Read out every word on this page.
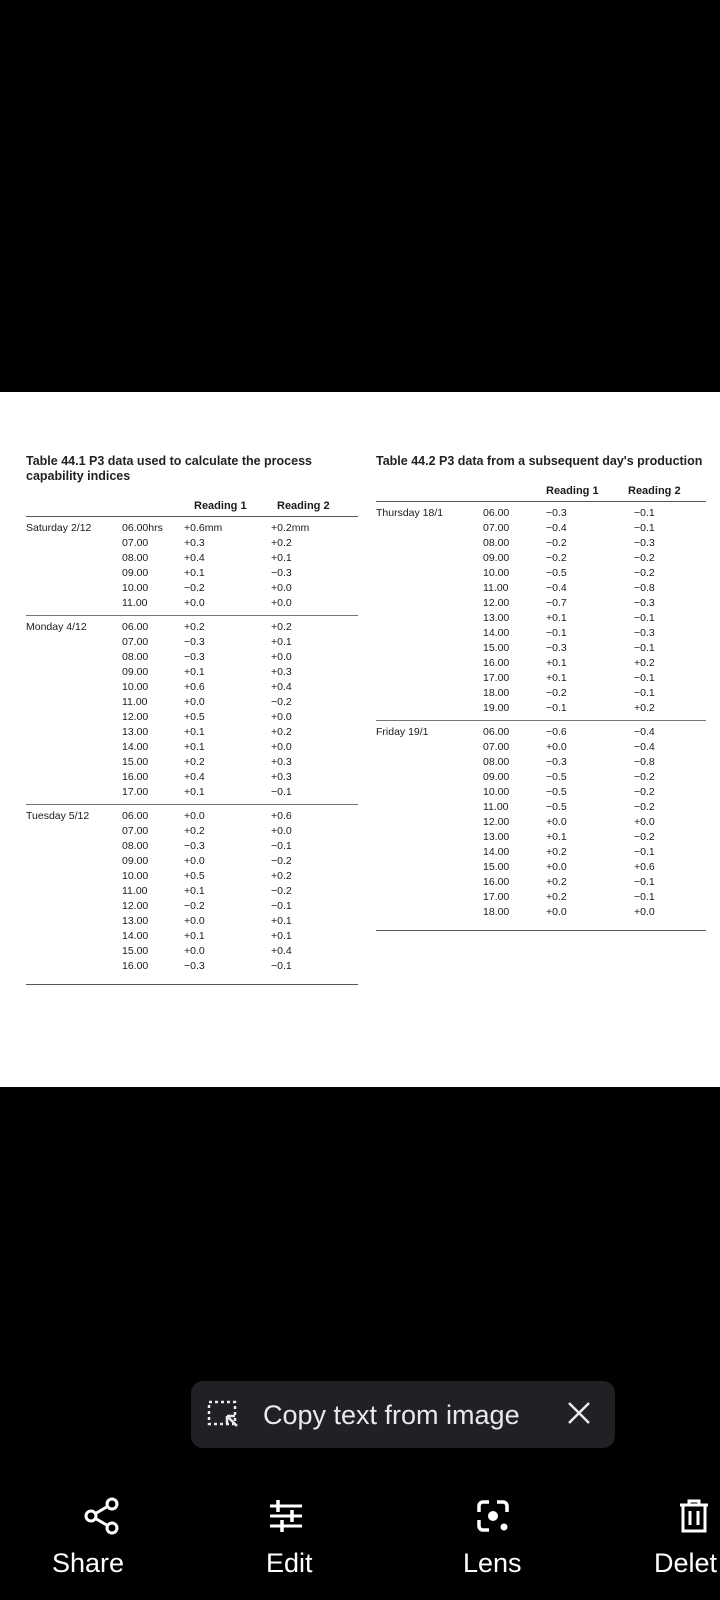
Table 44.1 P3 data used to calculate the process capability indices
Reading 1	Reading 2
Saturday 2/12	06.00hrs +0.6mm	+0.2mm
07.00	+0.3	+0.2
08.00	+0.4	+0.1
09.00	+0.1	−0.3
10.00	−0.2	+0.0
11.00	+0.0	+0.0
Monday 4/12	06.00	+0.2	+0.2
07.00	−0.3	+0.1
08.00	−0.3	+0.0
09.00	+0.1	+0.3
10.00	+0.6	+0.4
11.00	+0.0	−0.2
12.00	+0.5	+0.0
13.00	+0.1	+0.2
14.00	+0.1	+0.0
15.00	+0.2	+0.3
16.00	+0.4	+0.3
17.00	+0.1	−0.1
Tuesday 5/12	06.00	+0.0	+0.6
07.00	+0.2	+0.0
08.00	−0.3	−0.1
09.00	+0.0	−0.2
10.00	+0.5	+0.2
11.00	+0.1	−0.2
12.00	−0.2	−0.1
13.00	+0.0	+0.1
14.00	+0.1	+0.1
15.00	+0.0	+0.4
16.00	−0.3	−0.1
Table 44.2 P3 data from a subsequent day's production
Reading 1	Reading 2
Thursday 18/1	06.00	−0.3	−0.1
07.00	−0.4	−0.1
08.00	−0.2	−0.3
09.00	−0.2	−0.2
10.00	−0.5	−0.2
11.00	−0.4	−0.8
12.00	−0.7	−0.3
13.00	+0.1	−0.1
14.00	−0.1	−0.3
15.00	−0.3	−0.1
16.00	+0.1	+0.2
17.00	+0.1	−0.1
18.00	−0.2	−0.1
19.00	−0.1	+0.2
Friday 19/1	06.00	−0.6	−0.4
07.00	+0.0	−0.4
08.00	−0.3	−0.8
09.00	−0.5	−0.2
10.00	−0.5	−0.2
11.00	−0.5	−0.2
12.00	+0.0	+0.0
13.00	+0.1	−0.2
14.00	+0.2	−0.1
15.00	+0.0	+0.6
16.00	+0.2	−0.1
17.00	+0.2	−0.1
18.00	+0.0	+0.0
Copy text from image
Share	Edit	Lens	Delet
